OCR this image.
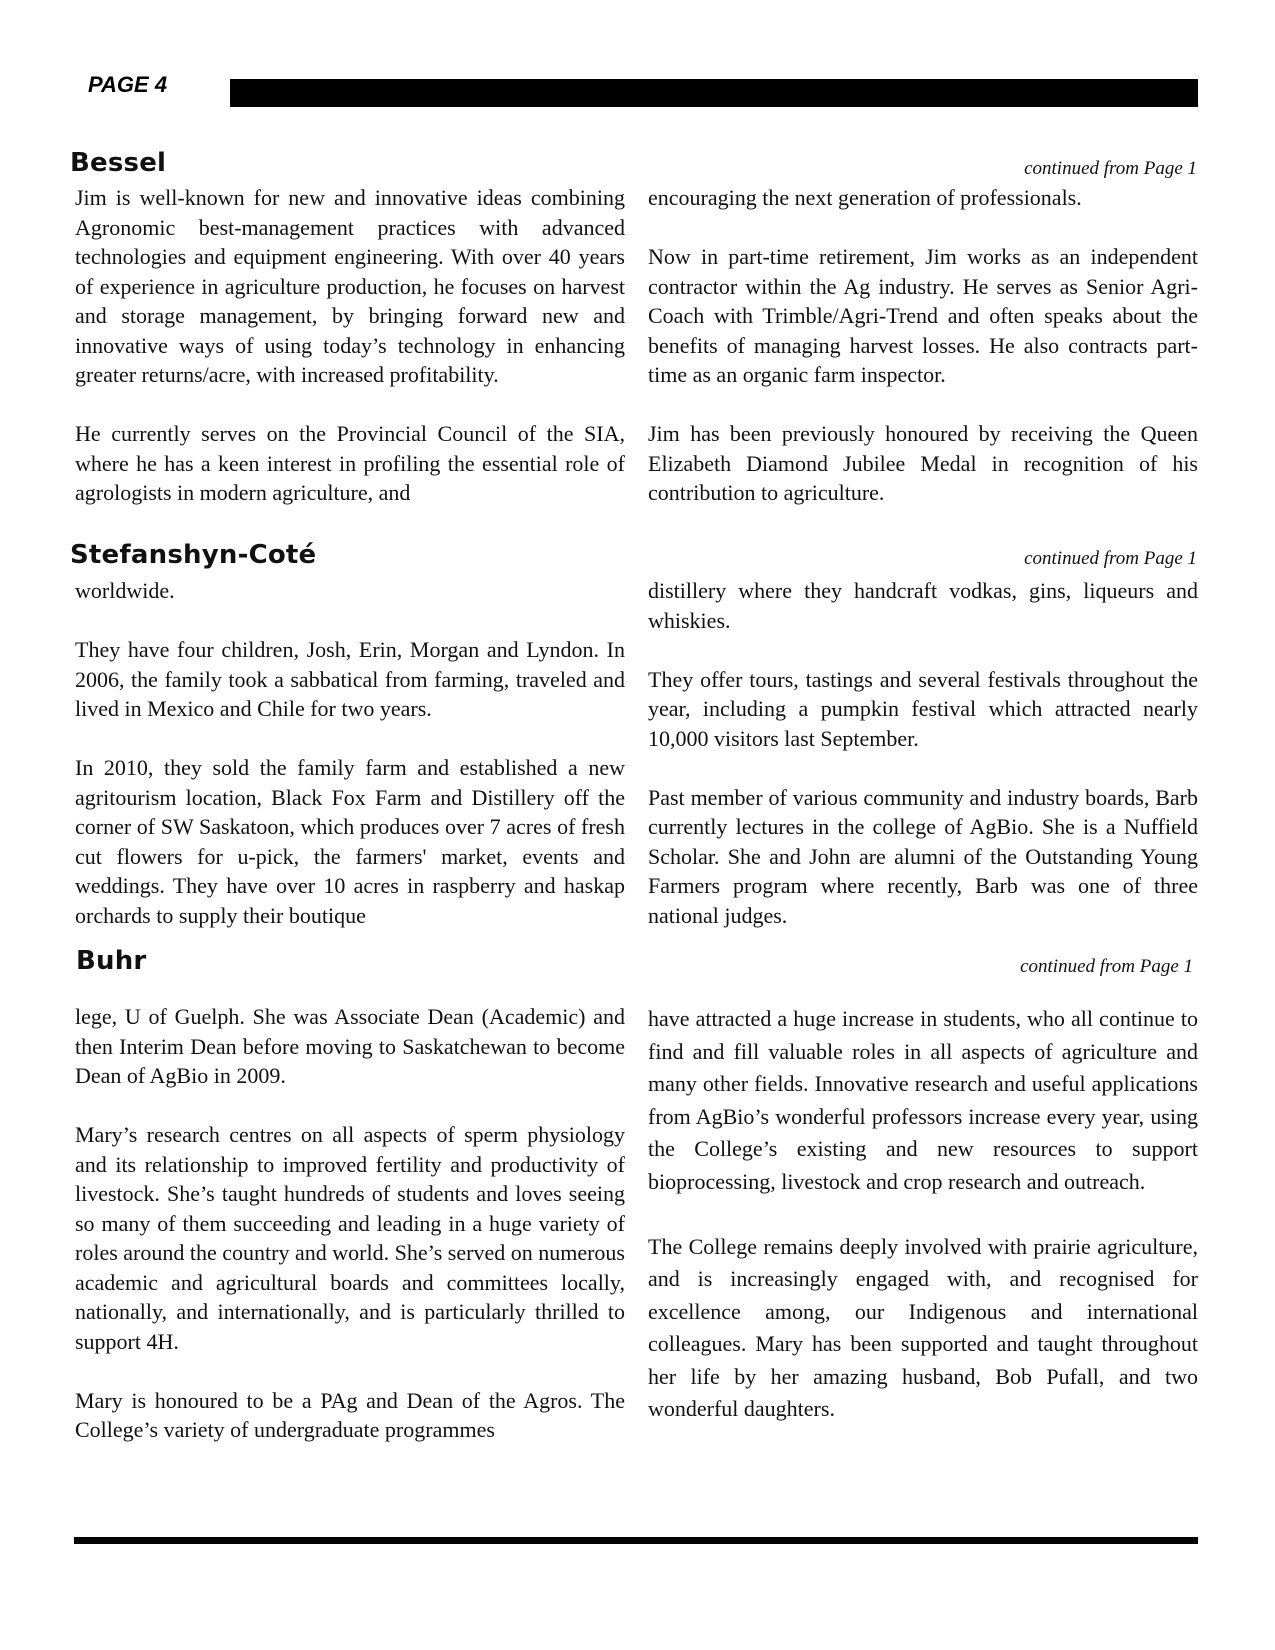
PAGE 4
Bessel	continued from Page 1

Jim is well-known for new and innovative ideas combining Agronomic best-management practices with advanced technologies and equipment engineering. With over 40 years of experience in agriculture production, he focuses on harvest and storage management, by bringing forward new and innovative ways of using today’s technology in enhancing greater returns/acre, with increased profitability.

He currently serves on the Provincial Council of the SIA, where he has a keen interest in profiling the essential role of agrologists in modern agriculture, and

encouraging the next generation of professionals.

Now in part-time retirement, Jim works as an independent contractor within the Ag industry. He serves as Senior Agri-Coach with Trimble/Agri-Trend and often speaks about the benefits of managing harvest losses. He also contracts part-time as an organic farm inspector.

Jim has been previously honoured by receiving the Queen Elizabeth Diamond Jubilee Medal in recognition of his contribution to agriculture.

Stefanshyn-Coté	continued from Page 1

worldwide.

They have four children, Josh, Erin, Morgan and Lyndon. In 2006, the family took a sabbatical from farming, traveled and lived in Mexico and Chile for two years.

In 2010, they sold the family farm and established a new agritourism location, Black Fox Farm and Distillery off the corner of SW Saskatoon, which produces over 7 acres of fresh cut flowers for u-pick, the farmers' market, events and weddings. They have over 10 acres in raspberry and haskap orchards to supply their boutique

distillery where they handcraft vodkas, gins, liqueurs and whiskies.

They offer tours, tastings and several festivals throughout the year, including a pumpkin festival which attracted nearly 10,000 visitors last September.

Past member of various community and industry boards, Barb currently lectures in the college of AgBio. She is a Nuffield Scholar. She and John are alumni of the Outstanding Young Farmers program where recently, Barb was one of three national judges.

Buhr	continued from Page 1

lege, U of Guelph. She was Associate Dean (Academic) and then Interim Dean before moving to Saskatchewan to become Dean of AgBio in 2009.

Mary’s research centres on all aspects of sperm physiology and its relationship to improved fertility and productivity of livestock. She’s taught hundreds of students and loves seeing so many of them succeeding and leading in a huge variety of roles around the country and world. She’s served on numerous academic and agricultural boards and committees locally, nationally, and internationally, and is particularly thrilled to support 4H.

Mary is honoured to be a PAg and Dean of the Agros. The College’s variety of undergraduate programmes

have attracted a huge increase in students, who all continue to find and fill valuable roles in all aspects of agriculture and many other fields. Innovative research and useful applications from AgBio’s wonderful professors increase every year, using the College’s existing and new resources to support bioprocessing, livestock and crop research and outreach.

The College remains deeply involved with prairie agriculture, and is increasingly engaged with, and recognised for excellence among, our Indigenous and international colleagues. Mary has been supported and taught throughout her life by her amazing husband, Bob Pufall, and two wonderful daughters.
